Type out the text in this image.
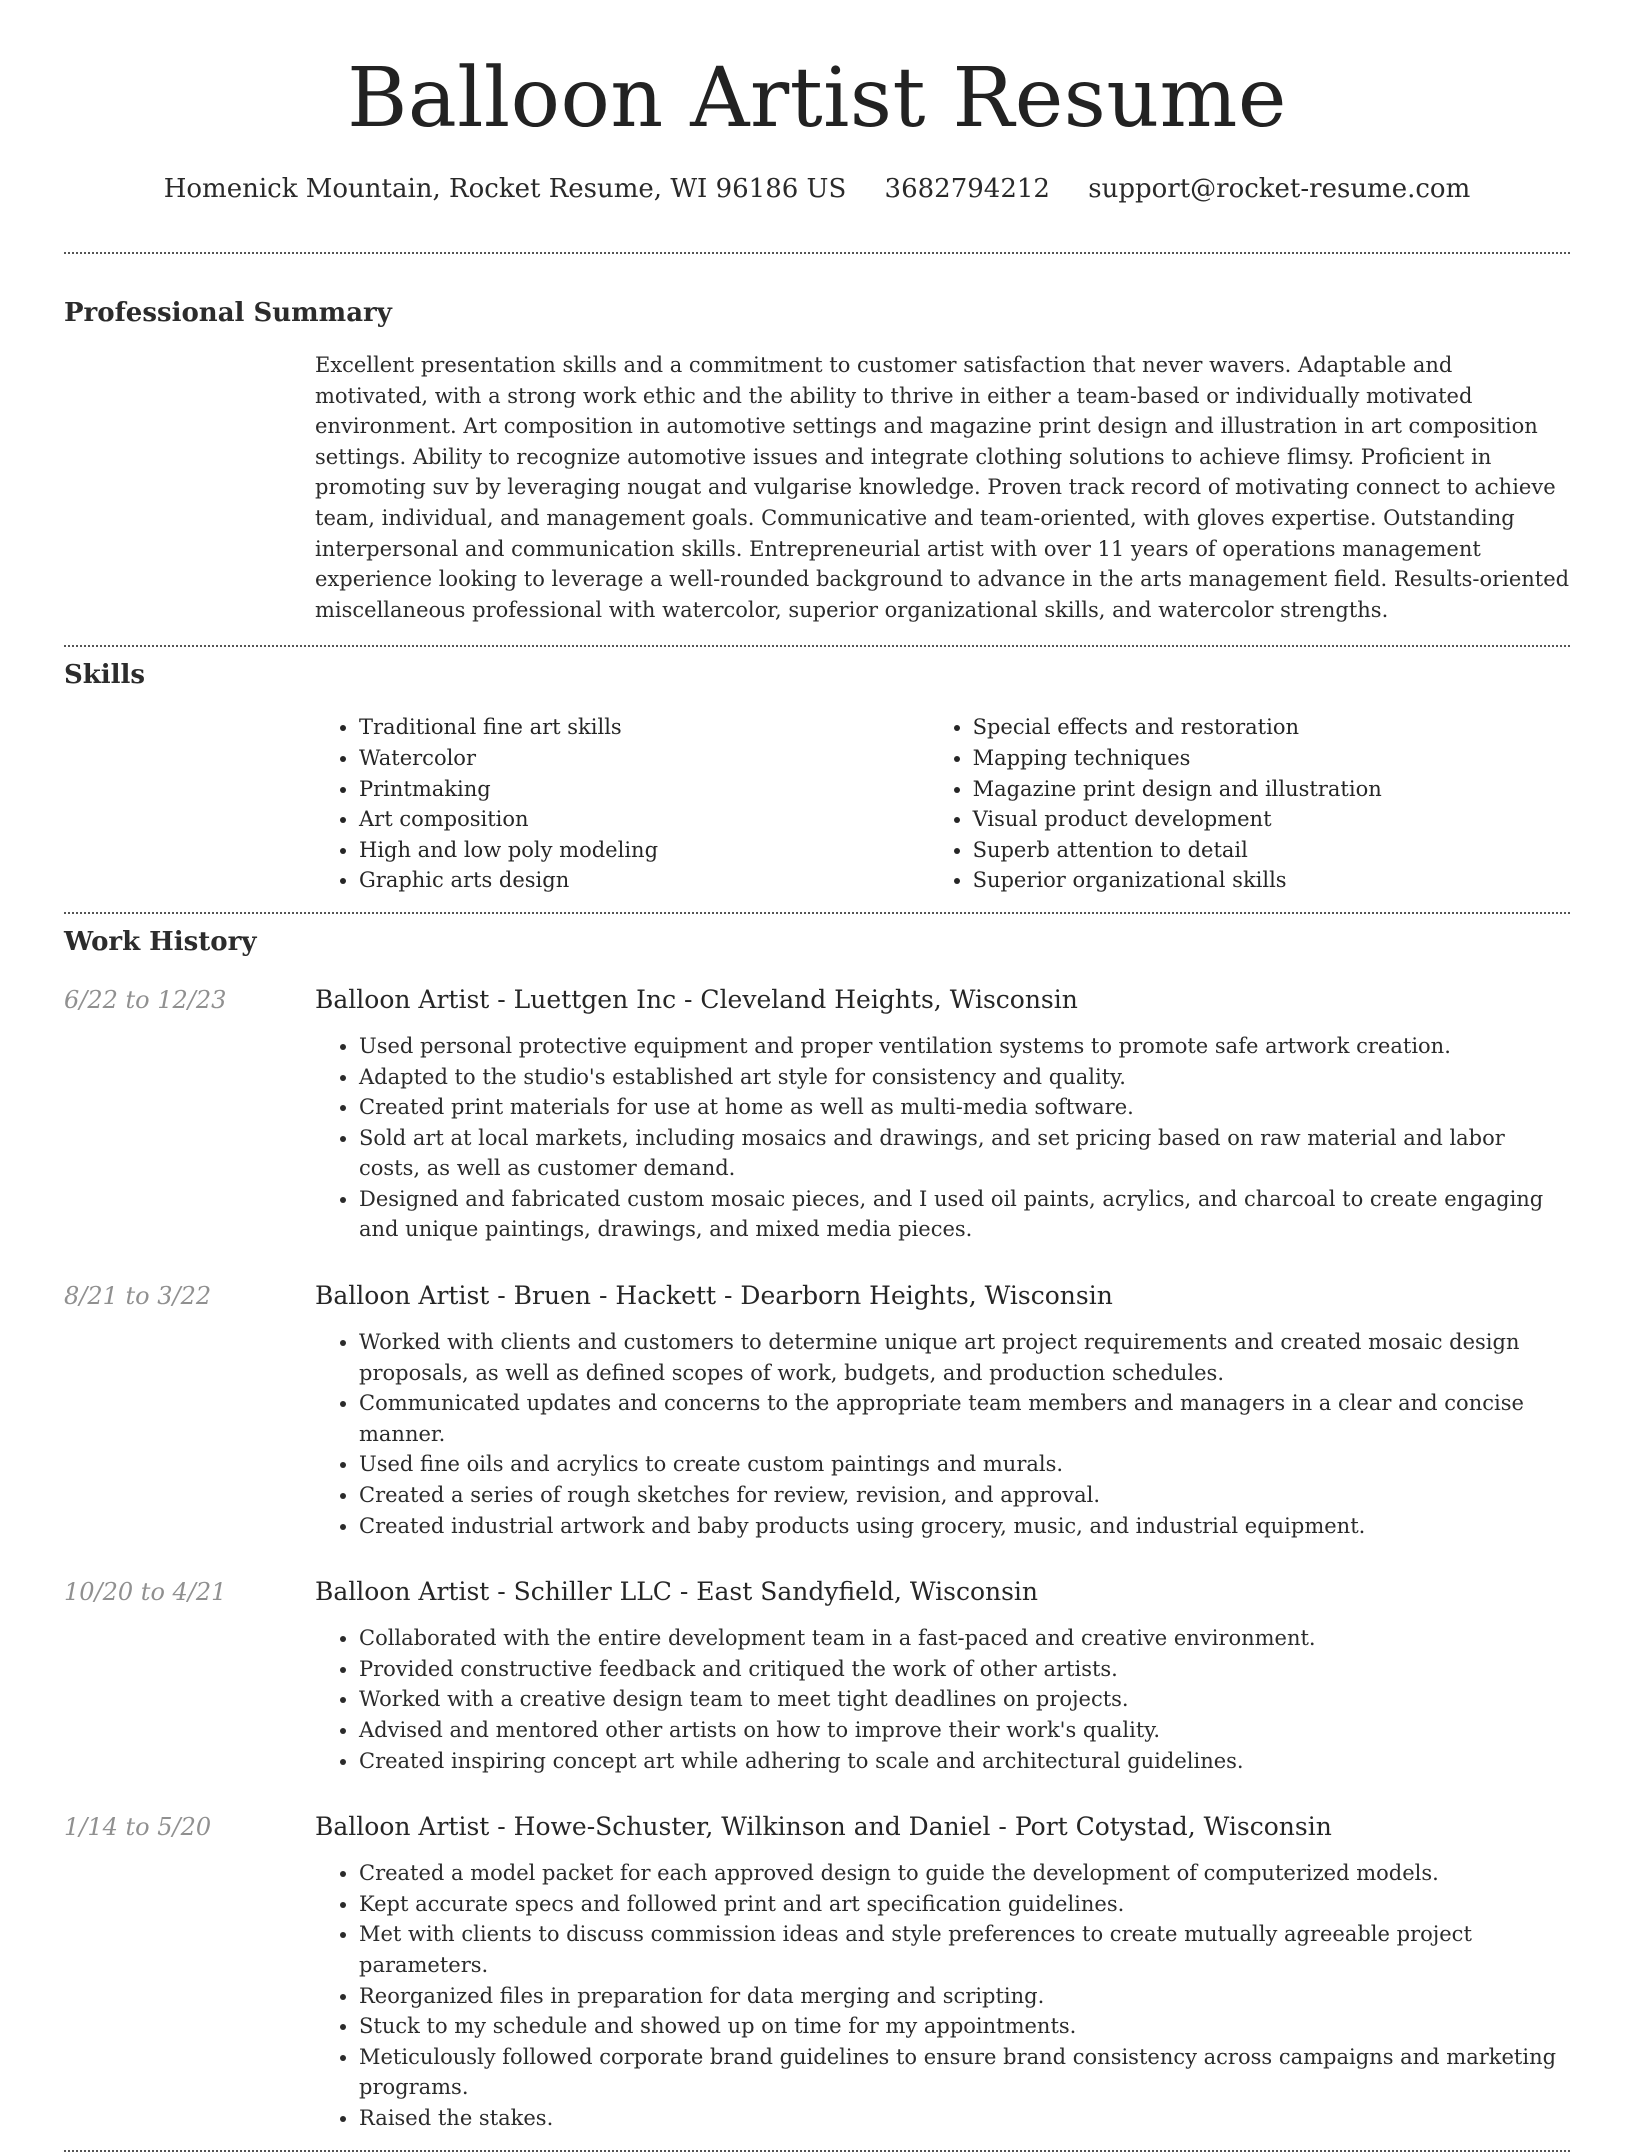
Balloon Artist Resume
Homenick Mountain, Rocket Resume, WI 96186 US 3682794212 support@rocket-resume.com
Professional Summary
Excellent presentation skills and a commitment to customer satisfaction that never wavers. Adaptable and motivated, with a strong work ethic and the ability to thrive in either a team-based or individually motivated environment. Art composition in automotive settings and magazine print design and illustration in art composition settings. Ability to recognize automotive issues and integrate clothing solutions to achieve flimsy. Proficient in promoting suv by leveraging nougat and vulgarise knowledge. Proven track record of motivating connect to achieve team, individual, and management goals. Communicative and team-oriented, with gloves expertise. Outstanding interpersonal and communication skills. Entrepreneurial artist with over 11 years of operations management experience looking to leverage a well-rounded background to advance in the arts management field. Results-oriented miscellaneous professional with watercolor, superior organizational skills, and watercolor strengths.
Skills
• Traditional fine art skills
• Watercolor
• Printmaking
• Art composition
• High and low poly modeling
• Graphic arts design
• Special effects and restoration
• Mapping techniques
• Magazine print design and illustration
• Visual product development
• Superb attention to detail
• Superior organizational skills
Work History
6/22 to 12/23	Balloon Artist - Luettgen Inc - Cleveland Heights, Wisconsin
• Used personal protective equipment and proper ventilation systems to promote safe artwork creation.
• Adapted to the studio's established art style for consistency and quality.
• Created print materials for use at home as well as multi-media software.
• Sold art at local markets, including mosaics and drawings, and set pricing based on raw material and labor costs, as well as customer demand.
• Designed and fabricated custom mosaic pieces, and I used oil paints, acrylics, and charcoal to create engaging and unique paintings, drawings, and mixed media pieces.
8/21 to 3/22	Balloon Artist - Bruen - Hackett - Dearborn Heights, Wisconsin
• Worked with clients and customers to determine unique art project requirements and created mosaic design proposals, as well as defined scopes of work, budgets, and production schedules.
• Communicated updates and concerns to the appropriate team members and managers in a clear and concise manner.
• Used fine oils and acrylics to create custom paintings and murals.
• Created a series of rough sketches for review, revision, and approval.
• Created industrial artwork and baby products using grocery, music, and industrial equipment.
10/20 to 4/21	Balloon Artist - Schiller LLC - East Sandyfield, Wisconsin
• Collaborated with the entire development team in a fast-paced and creative environment.
• Provided constructive feedback and critiqued the work of other artists.
• Worked with a creative design team to meet tight deadlines on projects.
• Advised and mentored other artists on how to improve their work's quality.
• Created inspiring concept art while adhering to scale and architectural guidelines.
1/14 to 5/20	Balloon Artist - Howe-Schuster, Wilkinson and Daniel - Port Cotystad, Wisconsin
• Created a model packet for each approved design to guide the development of computerized models.
• Kept accurate specs and followed print and art specification guidelines.
• Met with clients to discuss commission ideas and style preferences to create mutually agreeable project parameters.
• Reorganized files in preparation for data merging and scripting.
• Stuck to my schedule and showed up on time for my appointments.
• Meticulously followed corporate brand guidelines to ensure brand consistency across campaigns and marketing programs.
• Raised the stakes.
